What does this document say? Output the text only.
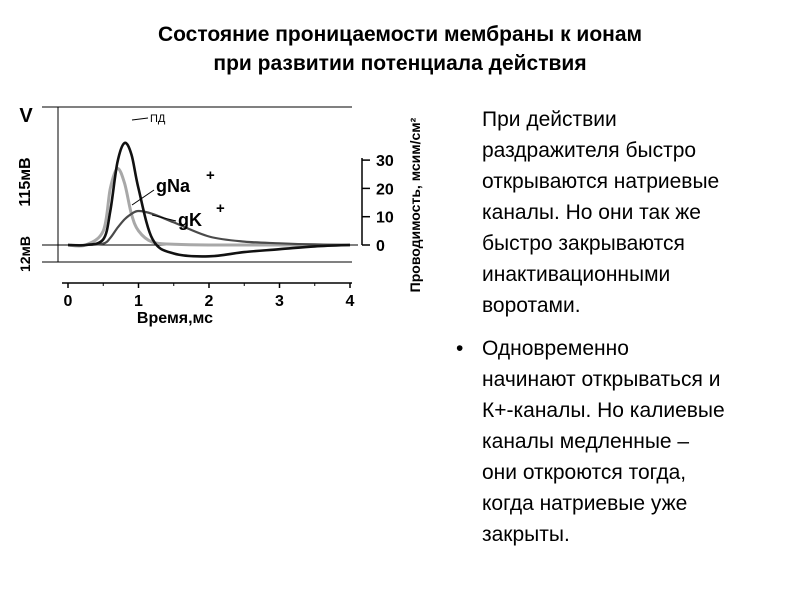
Состояние проницаемости мембраны к ионам
при развитии потенциала действия
V
115мВ
12мВ
0	1	2	3	4
Время,мс
0
10
20
30 Проводимость, мсим/см²
ПД
gNa
+
gK
+
При действии
раздражителя быстро
открываются натриевые
каналы. Но они так же
быстро закрываются
инактивационными
воротами.
• Одновременно
начинают открываться и
К+-каналы. Но калиевые
каналы медленные –
они откроются тогда,
когда натриевые уже
закрыты.
